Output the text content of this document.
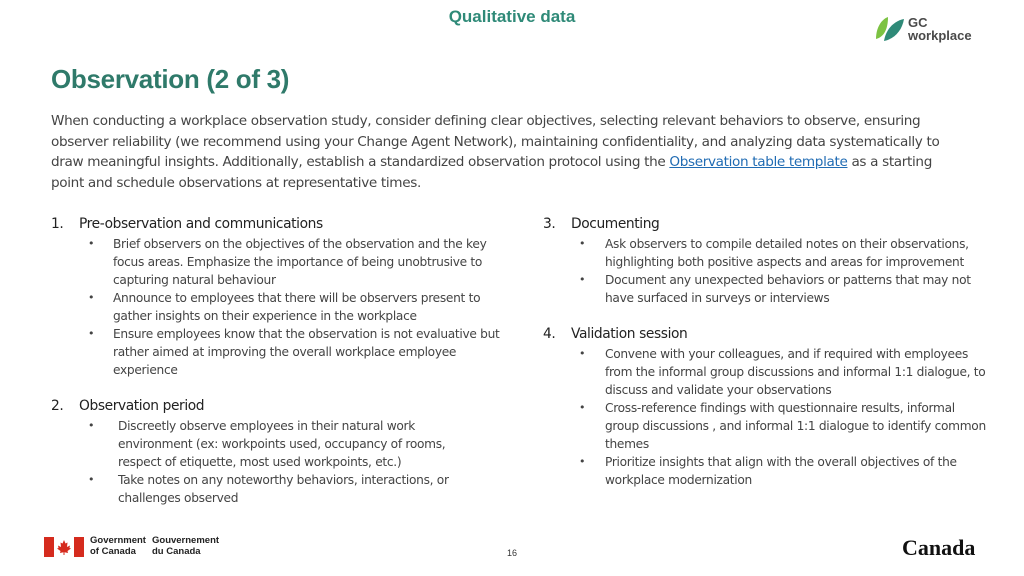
Qualitative data	GC
workplace
Observation (2 of 3)

When conducting a workplace observation study, consider defining clear objectives, selecting relevant behaviors to observe, ensuring observer reliability (we recommend using your Change Agent Network), maintaining confidentiality, and analyzing data systematically to draw meaningful insights. Additionally, establish a standardized observation protocol using the Observation table template as a starting point and schedule observations at representative times.

1. Pre-observation and communications
• Brief observers on the objectives of the observation and the key focus areas. Emphasize the importance of being unobtrusive to capturing natural behaviour
• Announce to employees that there will be observers present to gather insights on their experience in the workplace
• Ensure employees know that the observation is not evaluative but rather aimed at improving the overall workplace employee experience
2. Observation period
• Discreetly observe employees in their natural work environment (ex: workpoints used, occupancy of rooms, respect of etiquette, most used workpoints, etc.)
• Take notes on any noteworthy behaviors, interactions, or challenges observed
3. Documenting
• Ask observers to compile detailed notes on their observations, highlighting both positive aspects and areas for improvement
• Document any unexpected behaviors or patterns that may not have surfaced in surveys or interviews
4. Validation session
• Convene with your colleagues, and if required with employees from the informal group discussions and informal 1:1 dialogue, to discuss and validate your observations
• Cross-reference findings with questionnaire results, informal group discussions , and informal 1:1 dialogue to identify common themes
• Prioritize insights that align with the overall objectives of the workplace modernization
Government
of Canada
Gouvernement
du Canada	16	Canada
